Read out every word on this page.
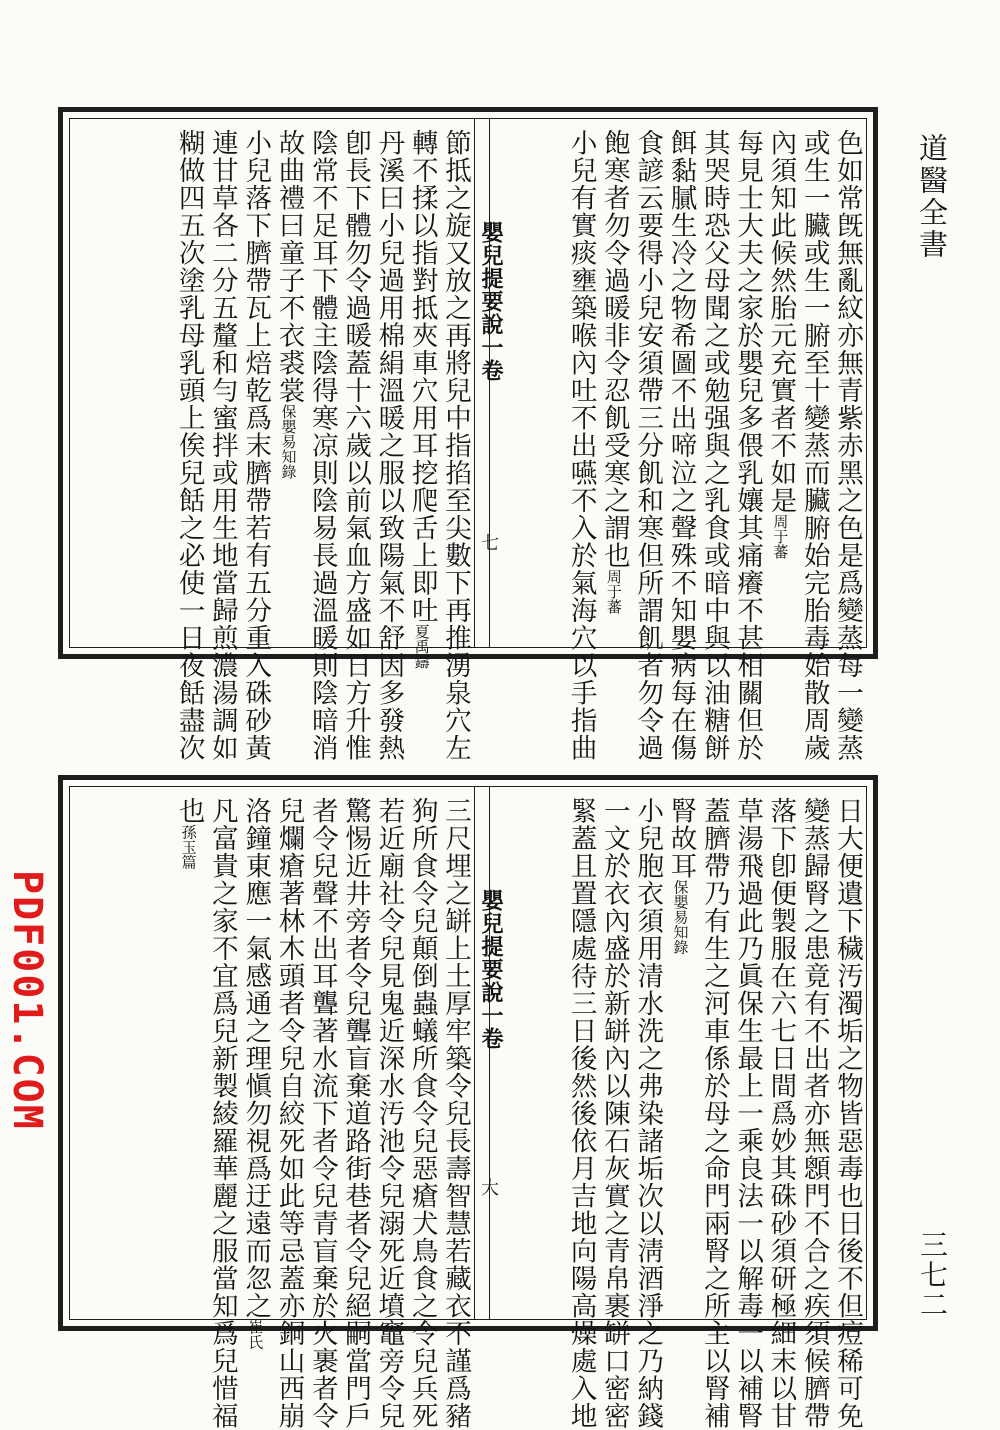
道醫全書
三七二
PDF001.COM
色如常旣無亂紋亦無青紫赤黑之色是爲變蒸每一變蒸
或生一臟或生一腑至十變蒸而臟腑始完胎毒始散周歲
內須知此候然胎元充實者不如是周于蕃
每見士大夫之家於嬰兒多偎乳孃其痛癢不甚相關但於
其哭時恐父母聞之或勉强與之乳食或暗中與以油糖餅
餌黏膩生冷之物希圖不出啼泣之聲殊不知嬰病每在傷
食諺云要得小兒安須帶三分飢和寒但所謂飢者勿令過
飽寒者勿令過暖非令忍飢受寒之謂也周于蕃
小兒有實痰壅築喉內吐不出嚥不入於氣海穴以手指曲
嬰兒提要說一卷
七
節抵之旋又放之再將兒中指掐至尖數下再推湧泉穴左
轉不揉以指對抵夾車穴用耳挖爬舌上即吐夏禹鑄
丹溪曰小兒過用棉絹溫暖之服以致陽氣不舒因多發熱
卽長下體勿令過暖蓋十六歲以前氣血方盛如日方升惟
陰常不足耳下體主陰得寒凉則陰易長過溫暖則陰暗消
故曲禮曰童子不衣裘裳保嬰易知錄
小兒落下臍帶瓦上焙乾爲末臍帶若有五分重入硃砂黃
連甘草各二分五釐和勻蜜拌或用生地當歸煎濃湯調如
糊做四五次塗乳母乳頭上俟兒餂之必使一日夜餂盡次
日大便遺下穢汚濁垢之物皆惡毒也日後不但痘稀可免
變蒸歸腎之患竟有不出者亦無顖門不合之疾須候臍帶
落下卽便製服在六七日間爲妙其硃砂須研極細末以甘
草湯飛過此乃眞保生最上一乘良法一以解毒一以補腎
蓋臍帶乃有生之河車係於母之命門兩腎之所主以腎補
腎故耳保嬰易知錄
小兒胞衣須用清水洗之弗染諸垢次以淸酒淨之乃納錢
一文於衣內盛於新缾內以陳石灰實之青帛裹缾口密密
緊蓋且置隱處待三日後然後依月吉地向陽高燥處入地
嬰兒提要說一卷
大
三尺埋之缾上土厚牢築令兒長壽智慧若藏衣不謹爲豬
狗所食令兒顛倒蟲蟻所食令兒惡瘡犬鳥食之令兒兵死
若近廟社令兒見鬼近深水汚池令兒溺死近墳竈旁令兒
驚惕近井旁者令兒聾盲棄道路街巷者令兒絕嗣當門戶
者令兒聲不出耳聾著水流下者令兒青盲棄於火裹者令
兒爛瘡著林木頭者令兒自絞死如此等忌蓋亦銅山西崩
洛鐘東應一氣感通之理愼勿視爲迂遠而忽之崔氏
凡富貴之家不宜爲兒新製綾羅華麗之服當知爲兒惜福
也孫玉篇
